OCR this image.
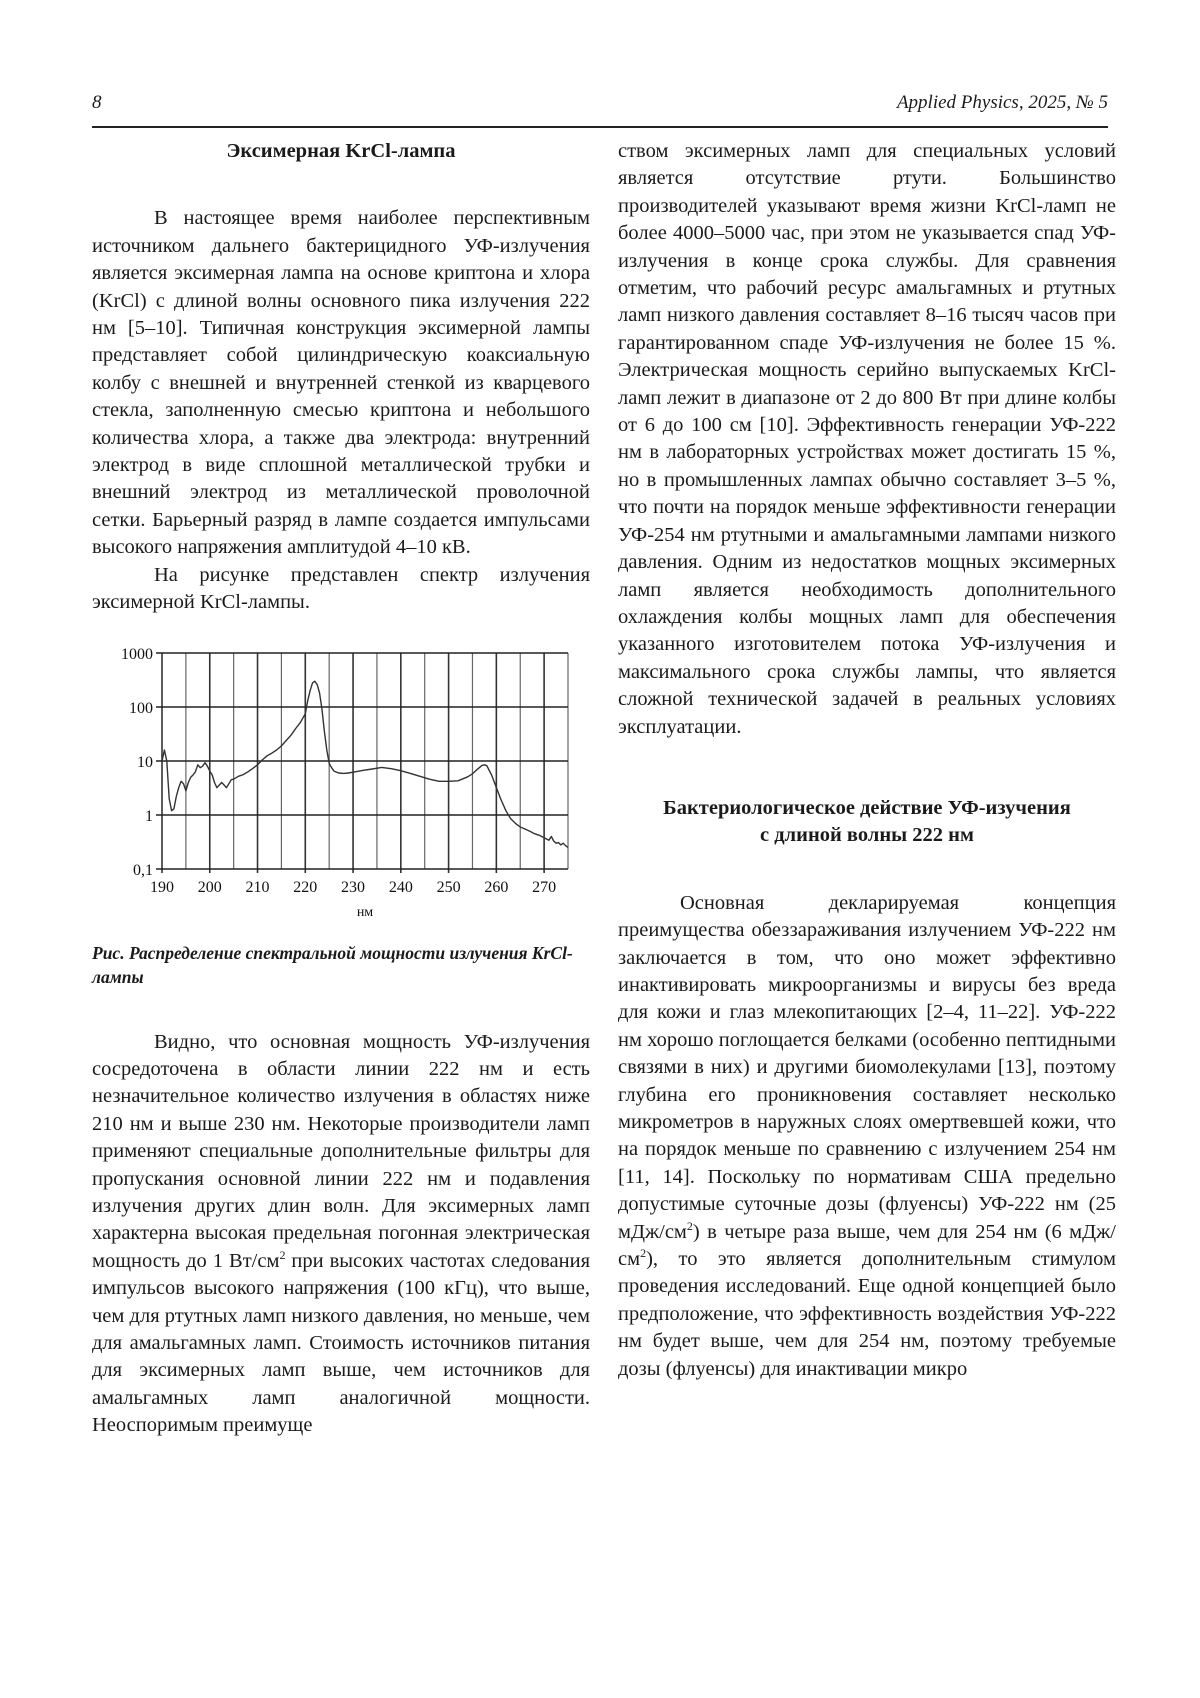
8	Applied Physics, 2025, № 5

Эксимерная KrCl-лампа

В настоящее время наиболее перспективным источником дальнего бактерицидного УФ-излучения является эксимерная лампа на основе криптона и хлора (KrCl) с длиной волны основного пика излучения 222 нм [5–10]. Типичная конструкция эксимерной лампы представляет собой цилиндрическую коаксиальную колбу с внешней и внутренней стенкой из кварцевого стекла, заполненную смесью криптона и небольшого количества хлора, а также два электрода: внутренний электрод в виде сплошной металлической трубки и внешний электрод из металлической проволочной сетки. Барьерный разряд в лампе создается импульсами высокого напряжения амплитудой 4–10 кВ.

На рисунке представлен спектр излучения эксимерной KrCl-лампы.

1000
100
10
1
0,1
190 200 210 220 230 240 250 260 270
нм

Рис. Распределение спектральной мощности излучения KrCl-лампы

Видно, что основная мощность УФ-излучения сосредоточена в области линии 222 нм и есть незначительное количество излучения в областях ниже 210 нм и выше 230 нм. Некоторые производители ламп применяют специальные дополнительные фильтры для пропускания основной линии 222 нм и подавления излучения других длин волн. Для эксимерных ламп характерна высокая предельная погонная электрическая мощность до 1 $Вт/см^2$ при высоких частотах следования импульсов высокого напряжения (100 кГц), что выше, чем для ртутных ламп низкого давления, но меньше, чем для амальгамных ламп. Стоимость источников питания для эксимерных ламп выше, чем источников для амальгамных ламп аналогичной мощности. Неоспоримым преимуще

ством эксимерных ламп для специальных условий является отсутствие ртути. Большинство производителей указывают время жизни KrCl-ламп не более 4000–5000 час, при этом не указывается спад УФ-излучения в конце срока службы. Для сравнения отметим, что рабочий ресурс амальгамных и ртутных ламп низкого давления составляет 8–16 тысяч часов при гарантированном спаде УФ-излучения не более 15 %. Электрическая мощность серийно выпускаемых KrCl-ламп лежит в диапазоне от 2 до 800 Вт при длине колбы от 6 до 100 см [10]. Эффективность генерации УФ-222 нм в лабораторных устройствах может достигать 15 %, но в промышленных лампах обычно составляет 3–5 %, что почти на порядок меньше эффективности генерации УФ-254 нм ртутными и амальгамными лампами низкого давления. Одним из недостатков мощных эксимерных ламп является необходимость дополнительного охлаждения колбы мощных ламп для обеспечения указанного изготовителем потока УФ-излучения и максимального срока службы лампы, что является сложной технической задачей в реальных условиях эксплуатации.

Бактериологическое действие УФ-изучения
с длиной волны 222 нм

Основная декларируемая концепция преимущества обеззараживания излучением УФ-222 нм заключается в том, что оно может эффективно инактивировать микроорганизмы и вирусы без вреда для кожи и глаз млекопитающих [2–4, 11–22]. УФ-222 нм хорошо поглощается белками (особенно пептидными связями в них) и другими биомолекулами [13], поэтому глубина его проникновения составляет несколько микрометров в наружных слоях омертвевшей кожи, что на порядок меньше по сравнению с излучением 254 нм [11, 14]. Поскольку по нормативам США предельно допустимые суточные дозы (флуенсы) УФ-222 нм (25 мДж/$см^2$) в четыре раза выше, чем для 254 нм (6 мДж/$см^2$), то это является дополнительным стимулом проведения исследований. Еще одной концепцией было предположение, что эффективность воздействия УФ-222 нм будет выше, чем для 254 нм, поэтому требуемые дозы (флуенсы) для инактивации микро
